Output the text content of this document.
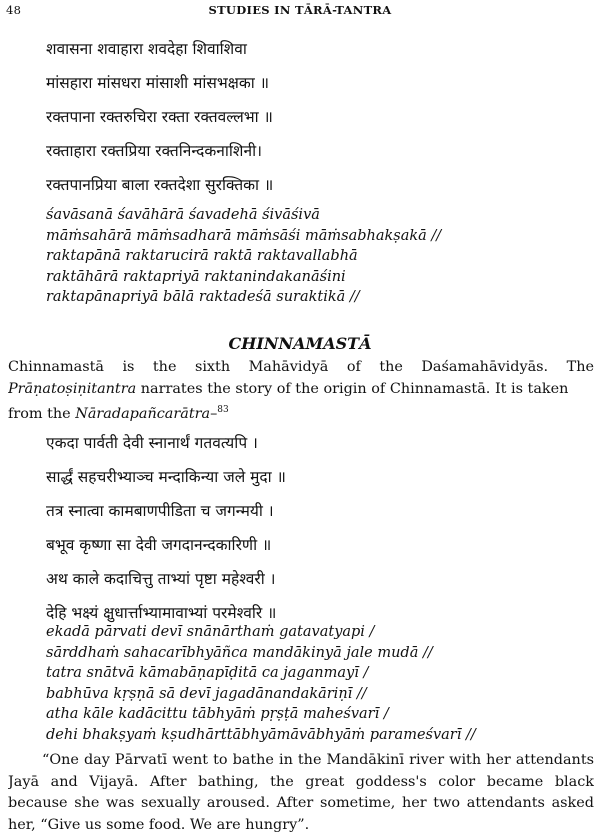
48	STUDIES IN TĀRĀ-TANTRA
शवासना शवाहारा शवदेहा शिवाशिवा
मांसहारा मांसधरा मांसाशी मांसभक्षका ॥
रक्तपाना रक्तरुचिरा रक्ता रक्तवल्लभा ॥
रक्ताहारा रक्तप्रिया रक्तनिन्दकनाशिनी।
रक्तपानप्रिया बाला रक्तदेशा सुरक्तिका ॥
śavāsanā śavāhārā śavadehā śivāśivā
māṁsahārā māṁsadharā māṁsāśi māṁsabhakṣakā //
raktapānā raktarucirā raktā raktavallabhā
raktāhārā raktapriyā raktanindakanāśini
raktapānapriyā bālā raktadeśā suraktikā //
CHINNAMASTĀ
Chinnamastā is the sixth Mahāvidyā of the Daśamahāvidyās. The
Prāṇatoṣiṇitantra narrates the story of the origin of Chinnamastā. It is taken
from the Nāradapañcarātra–$^{83}$
एकदा पार्वती देवी स्नानार्थं गतवत्यपि ।
सार्द्धं सहचरीभ्याञ्च मन्दाकिन्या जले मुदा ॥
तत्र स्नात्वा कामबाणपीडिता च जगन्मयी ।
बभूव कृष्णा सा देवी जगदानन्दकारिणी ॥
अथ काले कदाचित्तु ताभ्यां पृष्टा महेश्वरी ।
देहि भक्ष्यं क्षुधार्त्ताभ्यामावाभ्यां परमेश्वरि ॥
ekadā pārvati devī snānārthaṁ gatavatyapi /
sārddhaṁ sahacarībhyāñca mandākinyā jale mudā //
tatra snātvā kāmabāṇapīḍitā ca jaganmayī /
babhūva kṛṣṇā sā devī jagadānandakāriṇī //
atha kāle kadācittu tābhyāṁ pṛṣṭā maheśvarī /
dehi bhakṣyaṁ kṣudhārttābhyāmāvābhyāṁ parameśvarī //
“One day Pārvatī went to bathe in the Mandākinī river with her attendants
Jayā and Vijayā. After bathing, the great goddess's color became black
because she was sexually aroused. After sometime, her two attendants asked
her, “Give us some food. We are hungry”.
